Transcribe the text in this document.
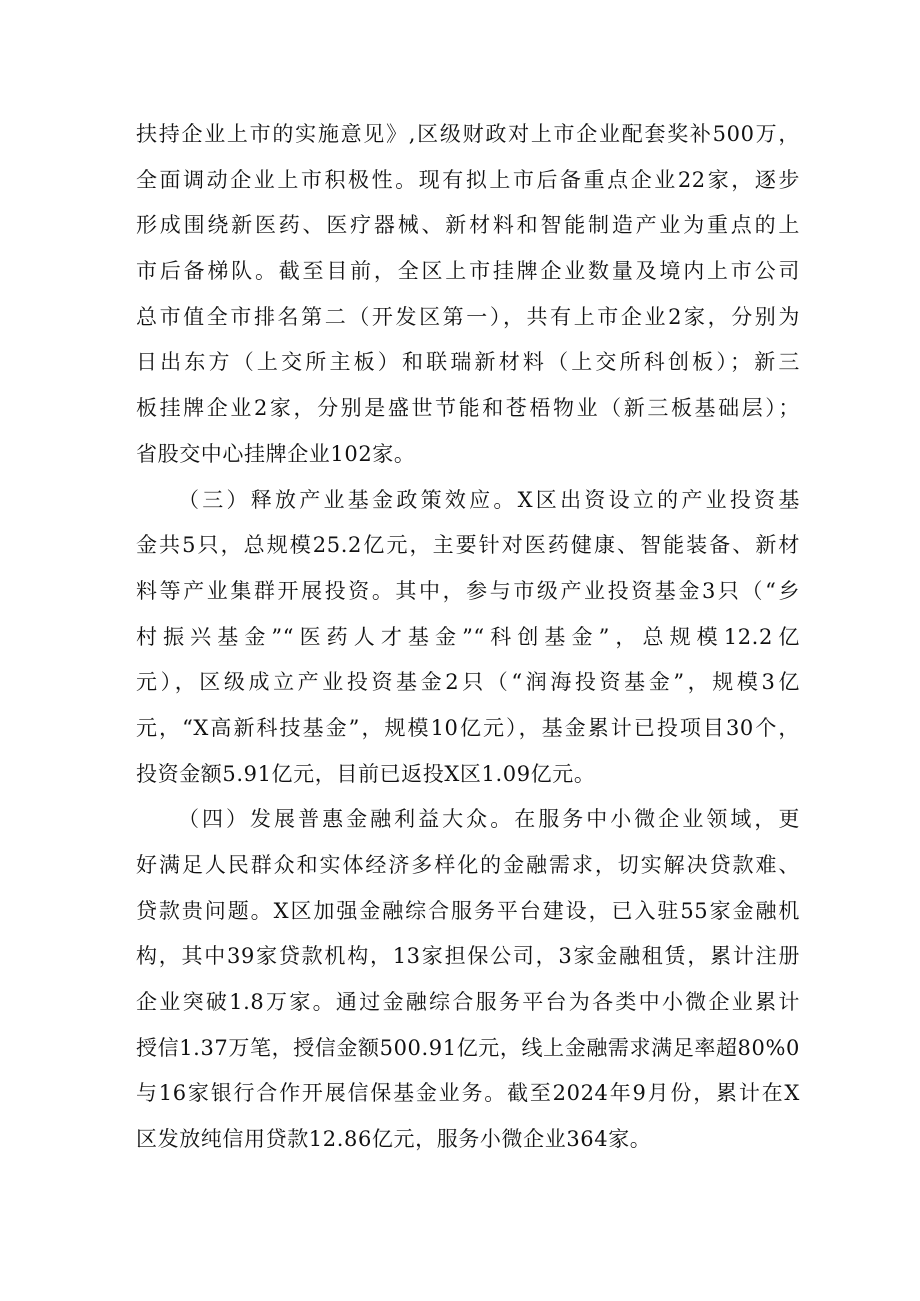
扶持企业上市的实施意见》,区级财政对上市企业配套奖补500万，
全面调动企业上市积极性。现有拟上市后备重点企业22家，逐步
形成围绕新医药、医疗器械、新材料和智能制造产业为重点的上
市后备梯队。截至目前，全区上市挂牌企业数量及境内上市公司
总市值全市排名第二（开发区第一），共有上市企业2家，分别为
日出东方（上交所主板）和联瑞新材料（上交所科创板）；新三
板挂牌企业2家，分别是盛世节能和苍梧物业（新三板基础层）；
省股交中心挂牌企业102家。
（三）释放产业基金政策效应。X区出资设立的产业投资基
金共5只，总规模25.2亿元，主要针对医药健康、智能装备、新材
料等产业集群开展投资。其中，参与市级产业投资基金3只（“乡
村振兴基金”“医药人才基金”“科创基金”，总规模12.2亿
元），区级成立产业投资基金2只（“润海投资基金”，规模3亿
元，“X高新科技基金”，规模10亿元），基金累计已投项目30个，
投资金额5.91亿元，目前已返投X区1.09亿元。
（四）发展普惠金融利益大众。在服务中小微企业领域，更
好满足人民群众和实体经济多样化的金融需求，切实解决贷款难、
贷款贵问题。X区加强金融综合服务平台建设，已入驻55家金融机
构，其中39家贷款机构，13家担保公司，3家金融租赁，累计注册
企业突破1.8万家。通过金融综合服务平台为各类中小微企业累计
授信1.37万笔，授信金额500.91亿元，线上金融需求满足率超80%0
与16家银行合作开展信保基金业务。截至2024年9月份，累计在X
区发放纯信用贷款12.86亿元，服务小微企业364家。
